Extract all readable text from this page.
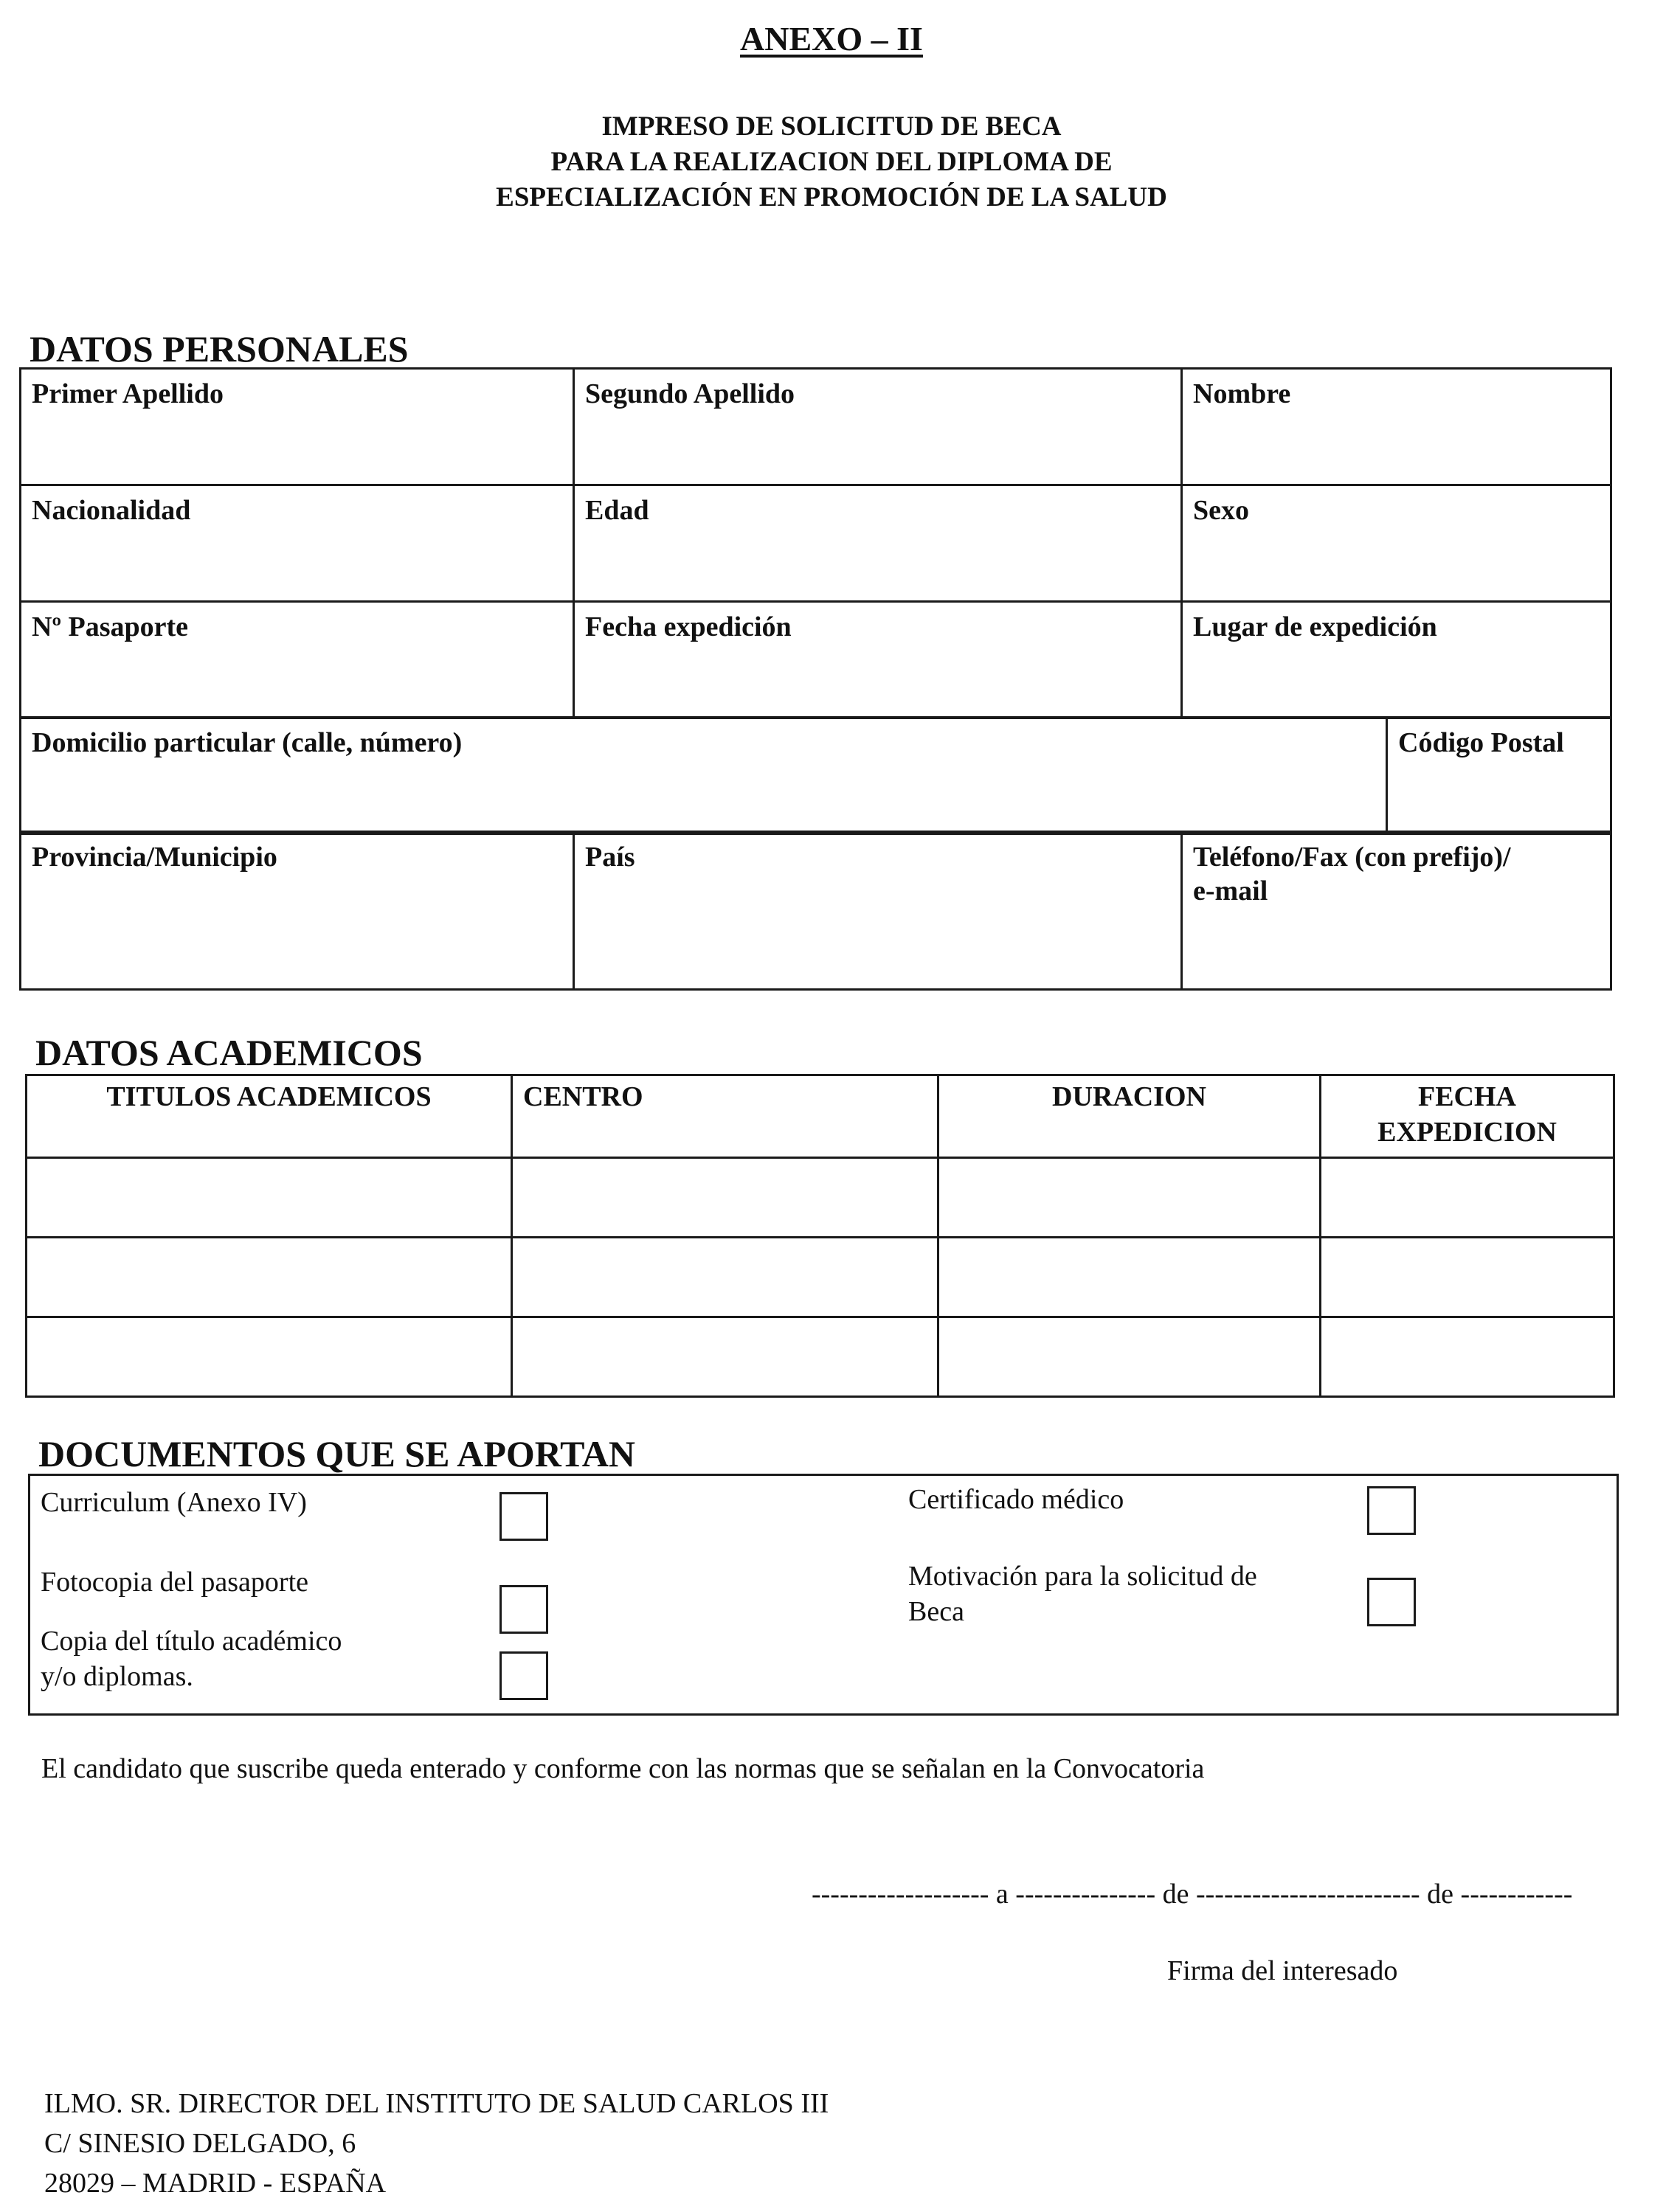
ANEXO – II
IMPRESO DE SOLICITUD DE BECA
PARA LA REALIZACION DEL DIPLOMA DE
ESPECIALIZACIÓN EN PROMOCIÓN DE LA SALUD
DATOS PERSONALES
Primer Apellido	Segundo Apellido	Nombre

Nacionalidad	Edad	Sexo

Nº Pasaporte	Fecha expedición	Lugar de expedición
Domicilio particular (calle, número)	Código Postal
Provincia/Municipio	País	Teléfono/Fax (con prefijo)/
e-mail
DATOS ACADEMICOS
TITULOS ACADEMICOS	CENTRO	DURACION	FECHA
EXPEDICION

DOCUMENTOS QUE SE APORTAN
Curriculum (Anexo IV)
Fotocopia del pasaporte
Copia del título académico
y/o diplomas.
Certificado médico
Motivación para la solicitud de
Beca
El candidato que suscribe queda enterado y conforme con las normas que se señalan en la Convocatoria
------------------- a --------------- de ------------------------ de ------------
Firma del interesado
ILMO. SR. DIRECTOR DEL INSTITUTO DE SALUD CARLOS III
C/ SINESIO DELGADO, 6
28029 – MADRID - ESPAÑA
